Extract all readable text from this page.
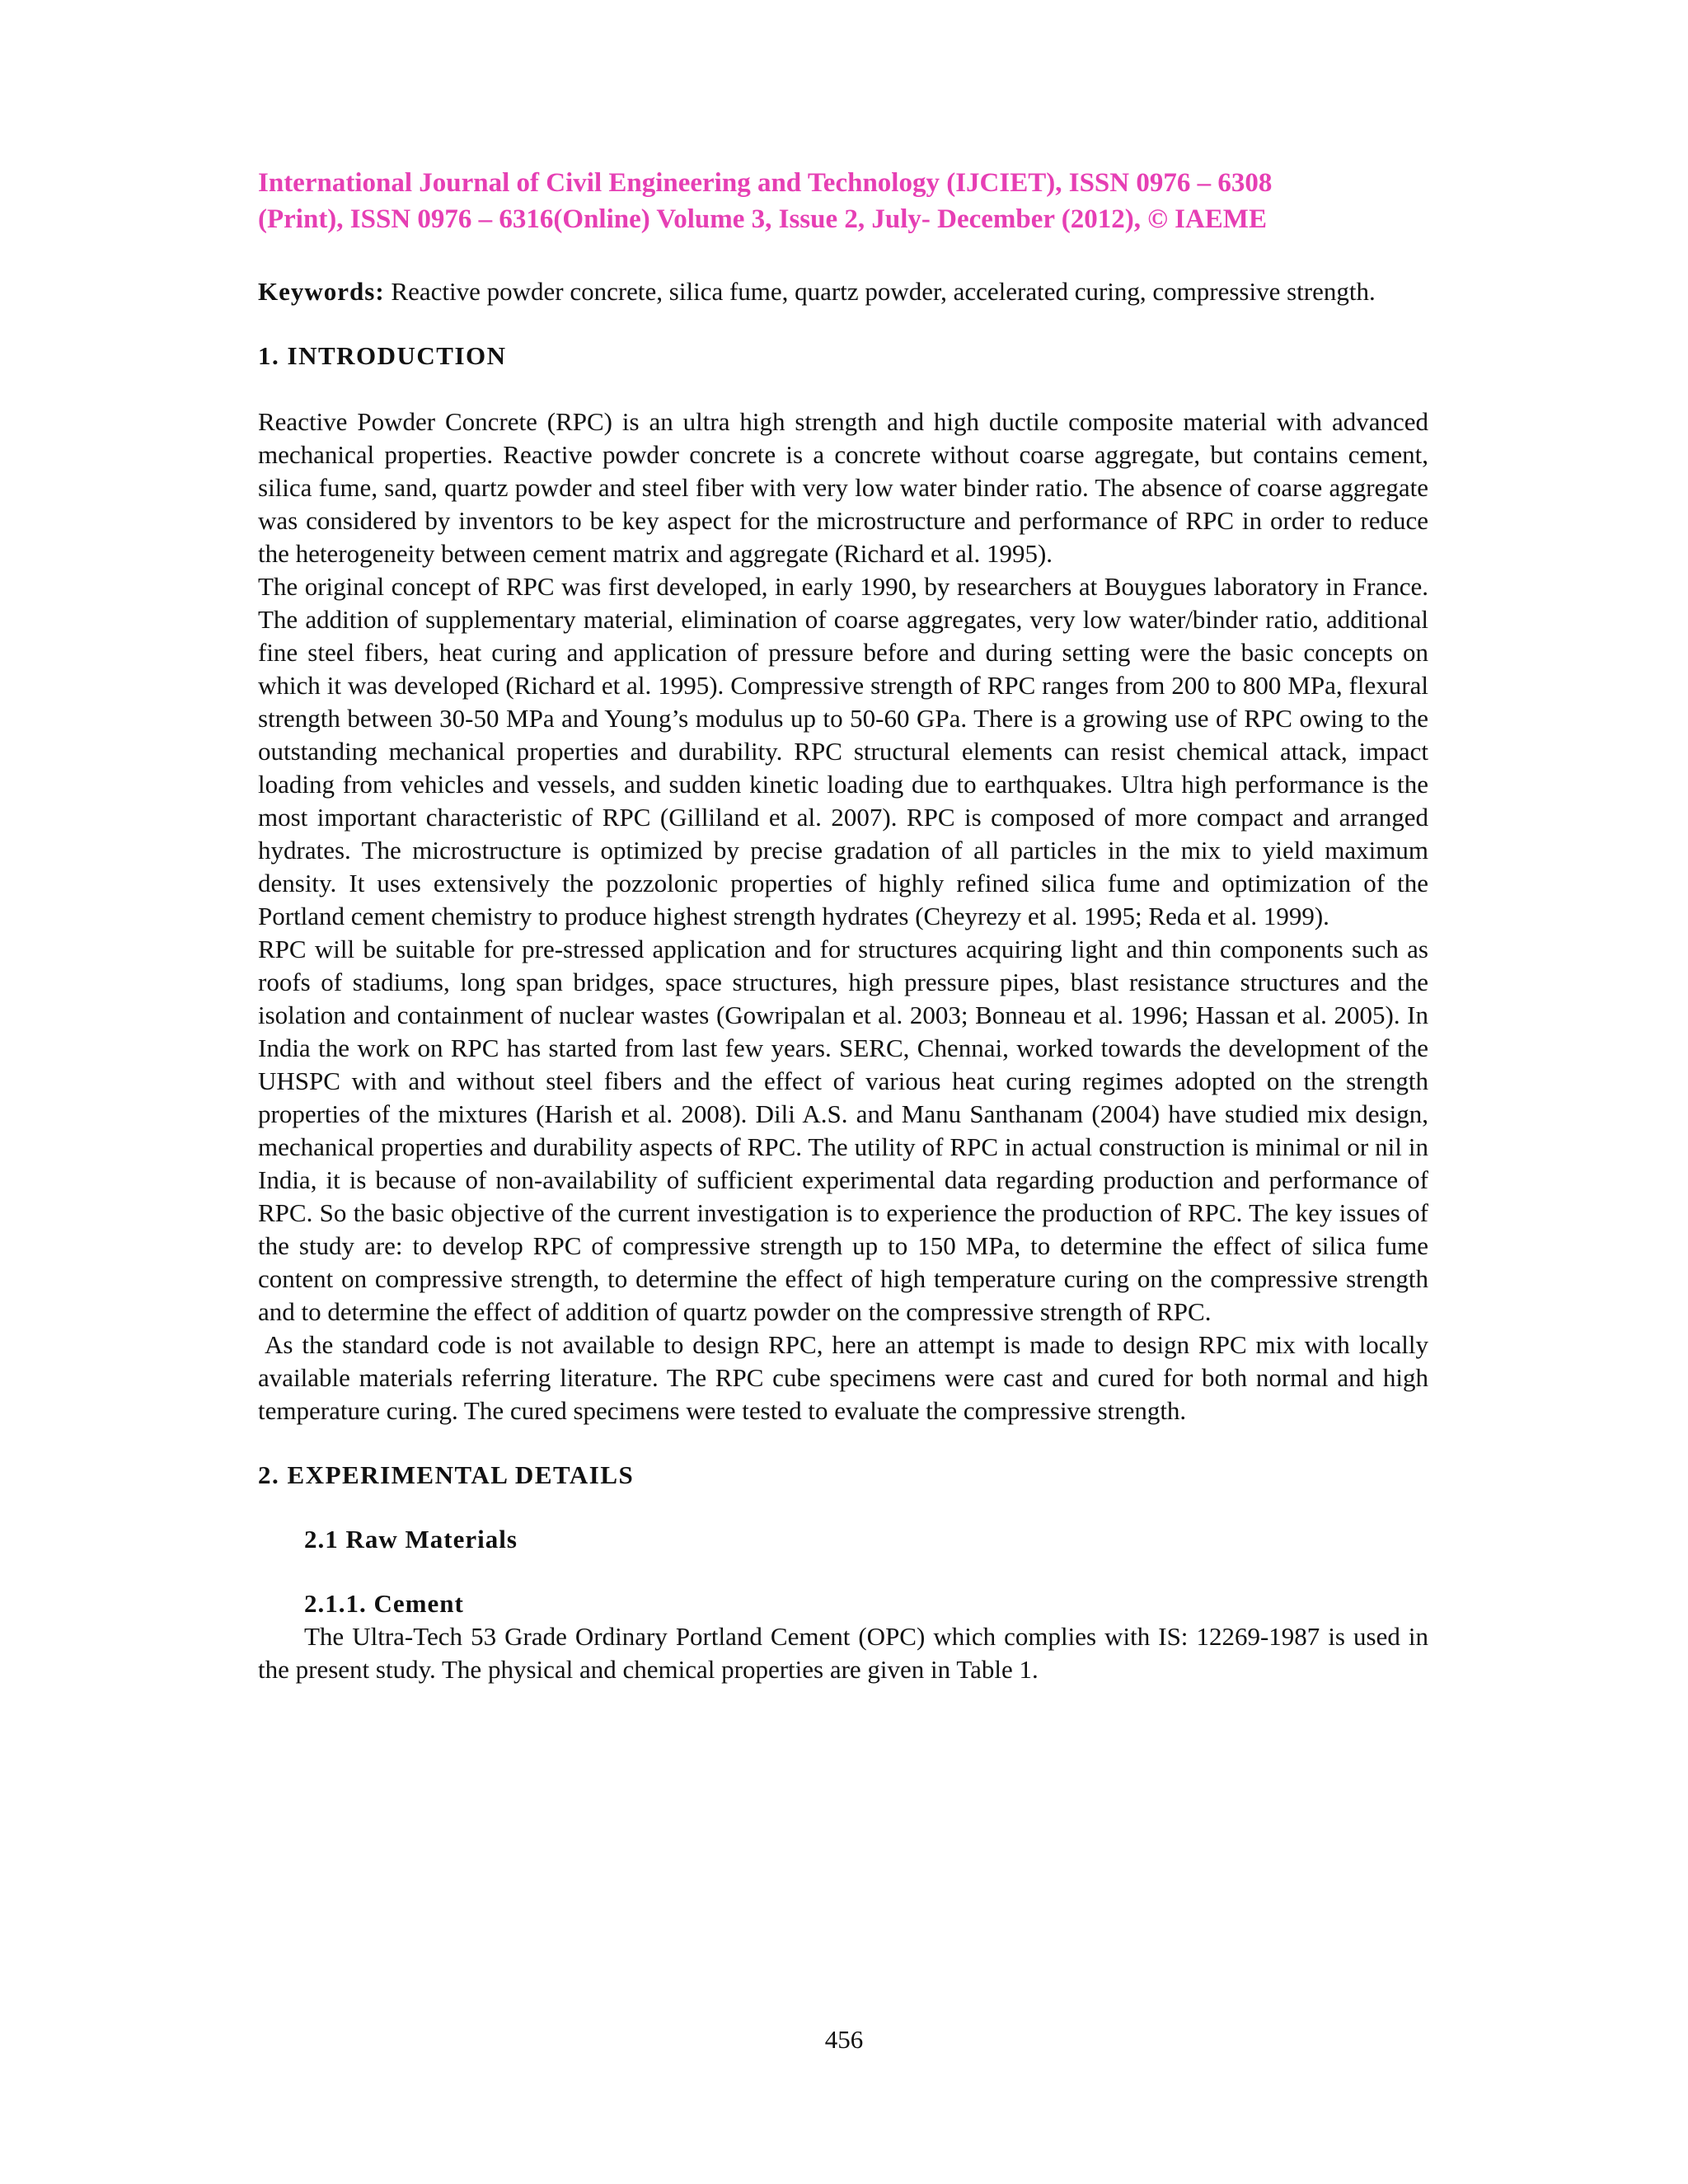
International Journal of Civil Engineering and Technology (IJCIET), ISSN 0976 – 6308
(Print), ISSN 0976 – 6316(Online) Volume 3, Issue 2, July- December (2012), © IAEME

Keywords: Reactive powder concrete, silica fume, quartz powder, accelerated curing, compressive strength.

1. INTRODUCTION

Reactive Powder Concrete (RPC) is an ultra high strength and high ductile composite material with advanced mechanical properties. Reactive powder concrete is a concrete without coarse aggregate, but contains cement, silica fume, sand, quartz powder and steel fiber with very low water binder ratio. The absence of coarse aggregate was considered by inventors to be key aspect for the microstructure and performance of RPC in order to reduce the heterogeneity between cement matrix and aggregate (Richard et al. 1995).

The original concept of RPC was first developed, in early 1990, by researchers at Bouygues laboratory in France. The addition of supplementary material, elimination of coarse aggregates, very low water/binder ratio, additional fine steel fibers, heat curing and application of pressure before and during setting were the basic concepts on which it was developed (Richard et al. 1995). Compressive strength of RPC ranges from 200 to 800 MPa, flexural strength between 30-50 MPa and Young’s modulus up to 50-60 GPa. There is a growing use of RPC owing to the outstanding mechanical properties and durability. RPC structural elements can resist chemical attack, impact loading from vehicles and vessels, and sudden kinetic loading due to earthquakes. Ultra high performance is the most important characteristic of RPC (Gilliland et al. 2007). RPC is composed of more compact and arranged hydrates. The microstructure is optimized by precise gradation of all particles in the mix to yield maximum density. It uses extensively the pozzolonic properties of highly refined silica fume and optimization of the Portland cement chemistry to produce highest strength hydrates (Cheyrezy et al. 1995; Reda et al. 1999).

RPC will be suitable for pre-stressed application and for structures acquiring light and thin components such as roofs of stadiums, long span bridges, space structures, high pressure pipes, blast resistance structures and the isolation and containment of nuclear wastes (Gowripalan et al. 2003; Bonneau et al. 1996; Hassan et al. 2005). In India the work on RPC has started from last few years. SERC, Chennai, worked towards the development of the UHSPC with and without steel fibers and the effect of various heat curing regimes adopted on the strength properties of the mixtures (Harish et al. 2008). Dili A.S. and Manu Santhanam (2004) have studied mix design, mechanical properties and durability aspects of RPC. The utility of RPC in actual construction is minimal or nil in India, it is because of non-availability of sufficient experimental data regarding production and performance of RPC. So the basic objective of the current investigation is to experience the production of RPC. The key issues of the study are: to develop RPC of compressive strength up to 150 MPa, to determine the effect of silica fume content on compressive strength, to determine the effect of high temperature curing on the compressive strength and to determine the effect of addition of quartz powder on the compressive strength of RPC.

As the standard code is not available to design RPC, here an attempt is made to design RPC mix with locally available materials referring literature. The RPC cube specimens were cast and cured for both normal and high temperature curing. The cured specimens were tested to evaluate the compressive strength.

2. EXPERIMENTAL DETAILS
2.1 Raw Materials
2.1.1. Cement

The Ultra-Tech 53 Grade Ordinary Portland Cement (OPC) which complies with IS: 12269-1987 is used in the present study. The physical and chemical properties are given in Table 1.

456
